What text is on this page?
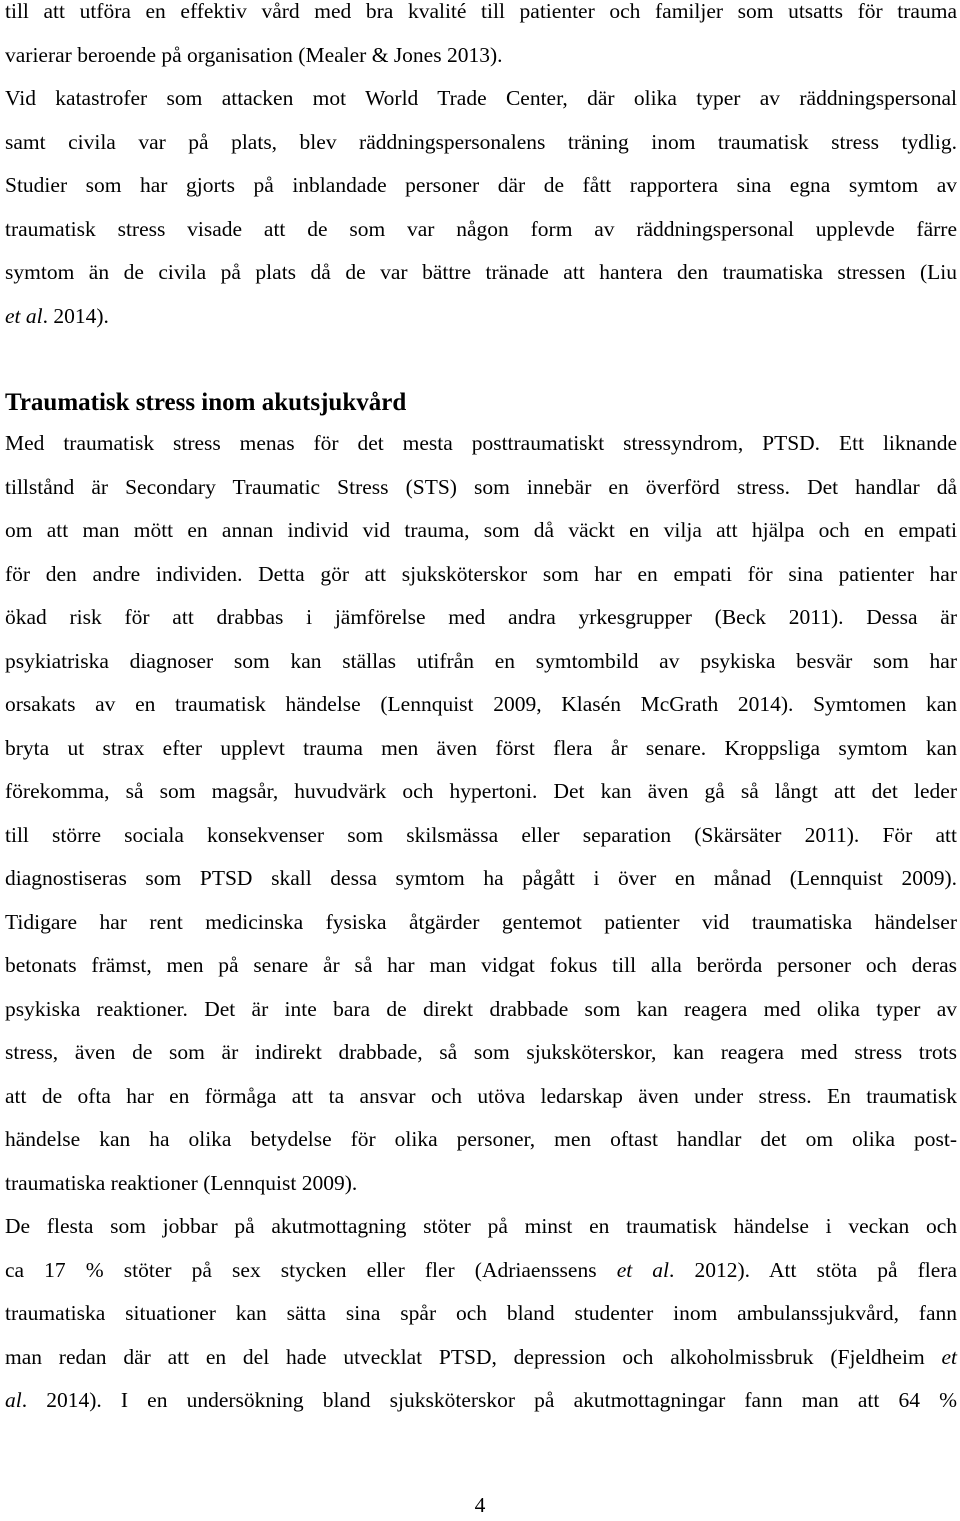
till att utföra en effektiv vård med bra kvalité till patienter och familjer som utsatts för trauma

varierar beroende på organisation (Mealer & Jones 2013).

Vid katastrofer som attacken mot World Trade Center, där olika typer av räddningspersonal

samt civila var på plats, blev räddningspersonalens träning inom traumatisk stress tydlig.

Studier som har gjorts på inblandade personer där de fått rapportera sina egna symtom av

traumatisk stress visade att de som var någon form av räddningspersonal upplevde färre

symtom än de civila på plats då de var bättre tränade att hantera den traumatiska stressen (Liu

et al. 2014).

Traumatisk stress inom akutsjukvård

Med traumatisk stress menas för det mesta posttraumatiskt stressyndrom, PTSD. Ett liknande

tillstånd är Secondary Traumatic Stress (STS) som innebär en överförd stress. Det handlar då

om att man mött en annan individ vid trauma, som då väckt en vilja att hjälpa och en empati

för den andre individen. Detta gör att sjuksköterskor som har en empati för sina patienter har

ökad risk för att drabbas i jämförelse med andra yrkesgrupper (Beck 2011). Dessa är

psykiatriska diagnoser som kan ställas utifrån en symtombild av psykiska besvär som har

orsakats av en traumatisk händelse (Lennquist 2009, Klasén McGrath 2014). Symtomen kan

bryta ut strax efter upplevt trauma men även först flera år senare. Kroppsliga symtom kan

förekomma, så som magsår, huvudvärk och hypertoni. Det kan även gå så långt att det leder

till större sociala konsekvenser som skilsmässa eller separation (Skärsäter 2011). För att

diagnostiseras som PTSD skall dessa symtom ha pågått i över en månad (Lennquist 2009).

Tidigare har rent medicinska fysiska åtgärder gentemot patienter vid traumatiska händelser

betonats främst, men på senare år så har man vidgat fokus till alla berörda personer och deras

psykiska reaktioner. Det är inte bara de direkt drabbade som kan reagera med olika typer av

stress, även de som är indirekt drabbade, så som sjuksköterskor, kan reagera med stress trots

att de ofta har en förmåga att ta ansvar och utöva ledarskap även under stress. En traumatisk

händelse kan ha olika betydelse för olika personer, men oftast handlar det om olika post-

traumatiska reaktioner (Lennquist 2009).

De flesta som jobbar på akutmottagning stöter på minst en traumatisk händelse i veckan och

ca 17 % stöter på sex stycken eller fler (Adriaenssens et al. 2012). Att stöta på flera

traumatiska situationer kan sätta sina spår och bland studenter inom ambulanssjukvård, fann

man redan där att en del hade utvecklat PTSD, depression och alkoholmissbruk (Fjeldheim et

al. 2014). I en undersökning bland sjuksköterskor på akutmottagningar fann man att 64 %

4
